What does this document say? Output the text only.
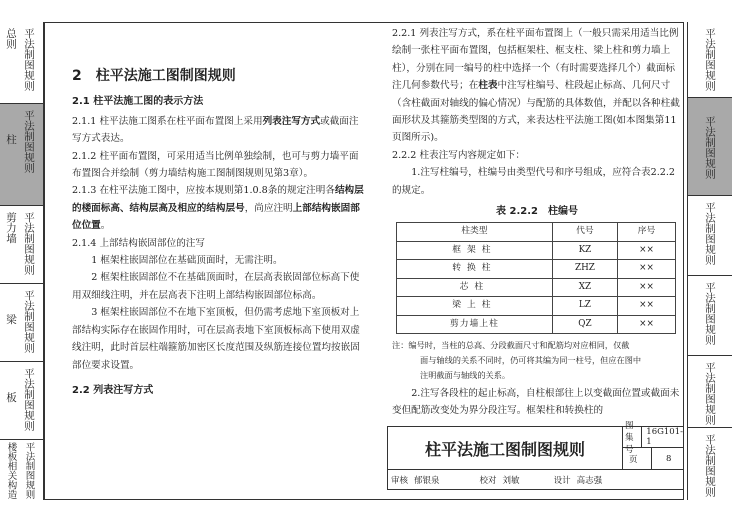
总则 平法制图规则
柱 平法制图规则
剪力墙 平法制图规则
梁 平法制图规则
板 平法制图规则
楼板相关构造 平法制图规则
平法制图规则
平法制图规则
平法制图规则
平法制图规则
平法制图规则
平法制图规则
2　柱平法施工图制图规则
2.1 柱平法施工图的表示方法

2.1.1 柱平法施工图系在柱平面布置图上采用列表注写方式或截面注写方式表达。

2.1.2 柱平面布置图，可采用适当比例单独绘制，也可与剪力墙平面布置图合并绘制（剪力墙结构施工图制图规则见第3章）。

2.1.3 在柱平法施工图中，应按本规则第1.0.8条的规定注明各结构层的楼面标高、结构层高及相应的结构层号，尚应注明上部结构嵌固部位位置。

2.1.4 上部结构嵌固部位的注写

1 框架柱嵌固部位在基础顶面时，无需注明。

2 框架柱嵌固部位不在基础顶面时，在层高表嵌固部位标高下使用双细线注明，并在层高表下注明上部结构嵌固部位标高。

3 框架柱嵌固部位不在地下室顶板，但仍需考虑地下室顶板对上部结构实际存在嵌固作用时，可在层高表地下室顶板标高下使用双虚线注明，此时首层柱端箍筋加密区长度范围及纵筋连接位置均按嵌固部位要求设置。

2.2 列表注写方式

2.2.1 列表注写方式，系在柱平面布置图上（一般只需采用适当比例绘制一张柱平面布置图，包括框架柱、框支柱、梁上柱和剪力墙上柱），分别在同一编号的柱中选择一个（有时需要选择几个）截面标注几何参数代号；在柱表中注写柱编号、柱段起止标高、几何尺寸（含柱截面对轴线的偏心情况）与配筋的具体数值，并配以各种柱截面形状及其箍筋类型图的方式，来表达柱平法施工图(如本图集第11页图所示)。

2.2.2 柱表注写内容规定如下：

1.注写柱编号，柱编号由类型代号和序号组成，应符合表2.2.2的规定。

表 2.2.2　柱编号
柱类型	代号	序号
框架柱	KZ	××
转换柱	ZHZ	××
芯柱	XZ	××
梁上柱	LZ	××
剪力墙上柱	QZ	××
注：编号时，当柱的总高、分段截面尺寸和配筋均对应相同，仅截
面与轴线的关系不同时，仍可将其编为同一柱号，但应在图中
注明截面与轴线的关系。

2.注写各段柱的起止标高，自柱根部往上以变截面位置或截面未变但配筋改变处为界分段注写。框架柱和转换柱的

柱平法施工图制图规则
图集号
16G101-1
页	8
审核 郁银泉
	校对 刘敏
	设计 高志强
